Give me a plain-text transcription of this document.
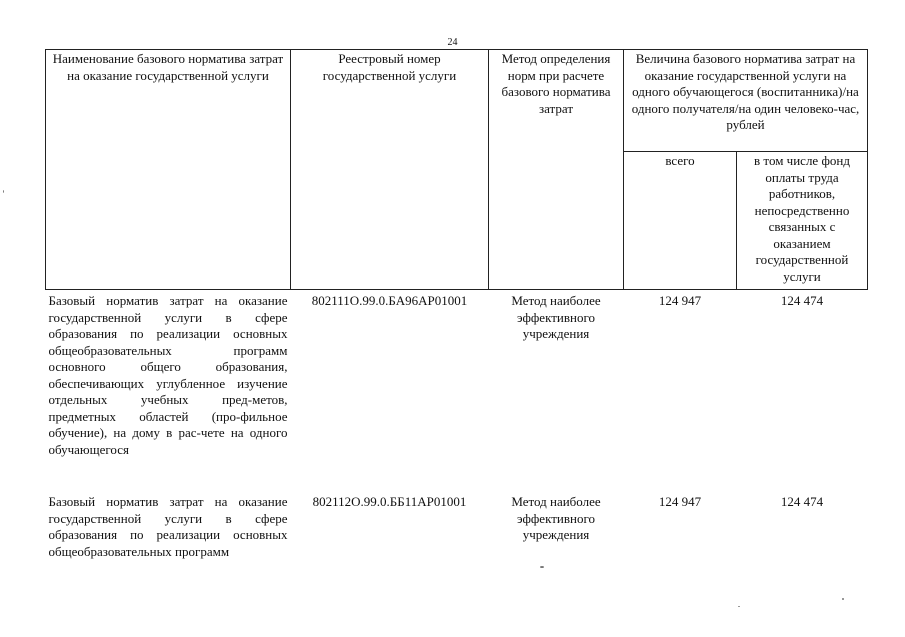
24
Наименование базового норматива затрат на оказание государственной услуги	Реестровый номер государственной услуги	Метод определения норм при расчете базового норматива затрат	Величина базового норматива затрат на оказание государственной услуги на одного обучающегося (воспитанника)/на одного получателя/на один человеко-час, рублей	
			всего	в том числе фонд оплаты труда работников, непосредственно связанных с оказанием государственной услуги
Базовый норматив затрат на оказание государственной услуги в сфере образования по реализации основных общеобразовательных программ основного общего образования, обеспечивающих углубленное изучение отдельных учебных пред-метов, предметных областей (про-фильное обучение), на дому в рас-чете на одного обучающегося	802111О.99.0.БА96АР01001	Метод наиболее эффективного учреждения	124 947	124 474

Базовый норматив затрат на оказание государственной услуги в сфере образования по реализации основных общеобразовательных программ	802112О.99.0.ББ11АР01001	Метод наиболее эффективного учреждения	124 947	124 474
